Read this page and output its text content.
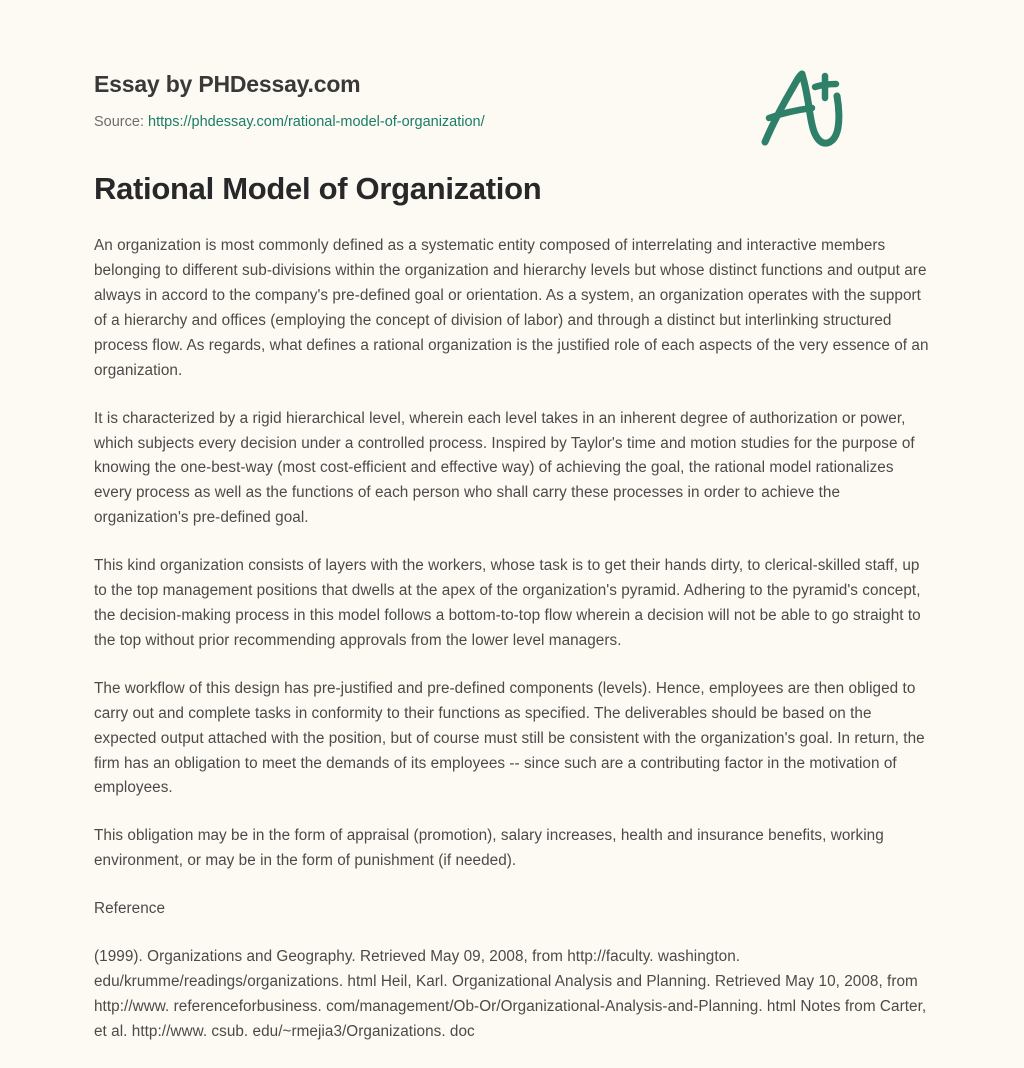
Essay by PHDessay.com
Source: https://phdessay.com/rational-model-of-organization/
Rational Model of Organization

An organization is most commonly defined as a systematic entity composed of interrelating and interactive members belonging to different sub-divisions within the organization and hierarchy levels but whose distinct functions and output are always in accord to the company's pre-defined goal or orientation. As a system, an organization operates with the support of a hierarchy and offices (employing the concept of division of labor) and through a distinct but interlinking structured process flow. As regards, what defines a rational organization is the justified role of each aspects of the very essence of an organization.

It is characterized by a rigid hierarchical level, wherein each level takes in an inherent degree of authorization or power, which subjects every decision under a controlled process. Inspired by Taylor's time and motion studies for the purpose of knowing the one-best-way (most cost-efficient and effective way) of achieving the goal, the rational model rationalizes every process as well as the functions of each person who shall carry these processes in order to achieve the organization's pre-defined goal.

This kind organization consists of layers with the workers, whose task is to get their hands dirty, to clerical-skilled staff, up to the top management positions that dwells at the apex of the organization's pyramid. Adhering to the pyramid's concept, the decision-making process in this model follows a bottom-to-top flow wherein a decision will not be able to go straight to the top without prior recommending approvals from the lower level managers.

The workflow of this design has pre-justified and pre-defined components (levels). Hence, employees are then obliged to carry out and complete tasks in conformity to their functions as specified. The deliverables should be based on the expected output attached with the position, but of course must still be consistent with the organization's goal. In return, the firm has an obligation to meet the demands of its employees -- since such are a contributing factor in the motivation of employees.

This obligation may be in the form of appraisal (promotion), salary increases, health and insurance benefits, working environment, or may be in the form of punishment (if needed).

Reference

(1999). Organizations and Geography. Retrieved May 09, 2008, from http://faculty. washington. edu/krumme/readings/organizations. html Heil, Karl. Organizational Analysis and Planning. Retrieved May 10, 2008, from http://www. referenceforbusiness. com/management/Ob-Or/Organizational-Analysis-and-Planning. html Notes from Carter, et al. http://www. csub. edu/~rmejia3/Organizations. doc
